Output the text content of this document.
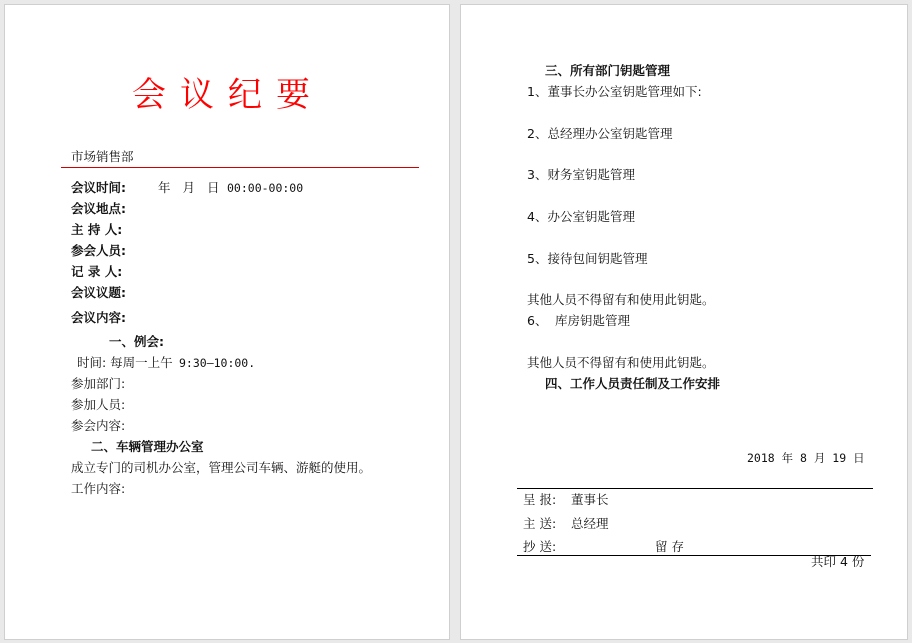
会议纪要
市场销售部
会议时间:	年 月 日 00:00-00:00
会议地点:
主 持 人:
参会人员:
记 录 人:
会议议题:
会议内容:
一、例会:
时间: 每周一上午 9:30—10:00.
参加部门:
参加人员:
参会内容:
二、车辆管理办公室
成立专门的司机办公室，管理公司车辆、游艇的使用。
工作内容:
三、所有部门钥匙管理
1、董事长办公室钥匙管理如下:
2、总经理办公室钥匙管理
3、财务室钥匙管理
4、办公室钥匙管理
5、接待包间钥匙管理
其他人员不得留有和使用此钥匙。
6、 库房钥匙管理
其他人员不得留有和使用此钥匙。
四、工作人员责任制及工作安排
2018 年 8 月 19 日
呈 报: 董事长
主 送: 总经理
抄 送:	留 存
共印 4 份
